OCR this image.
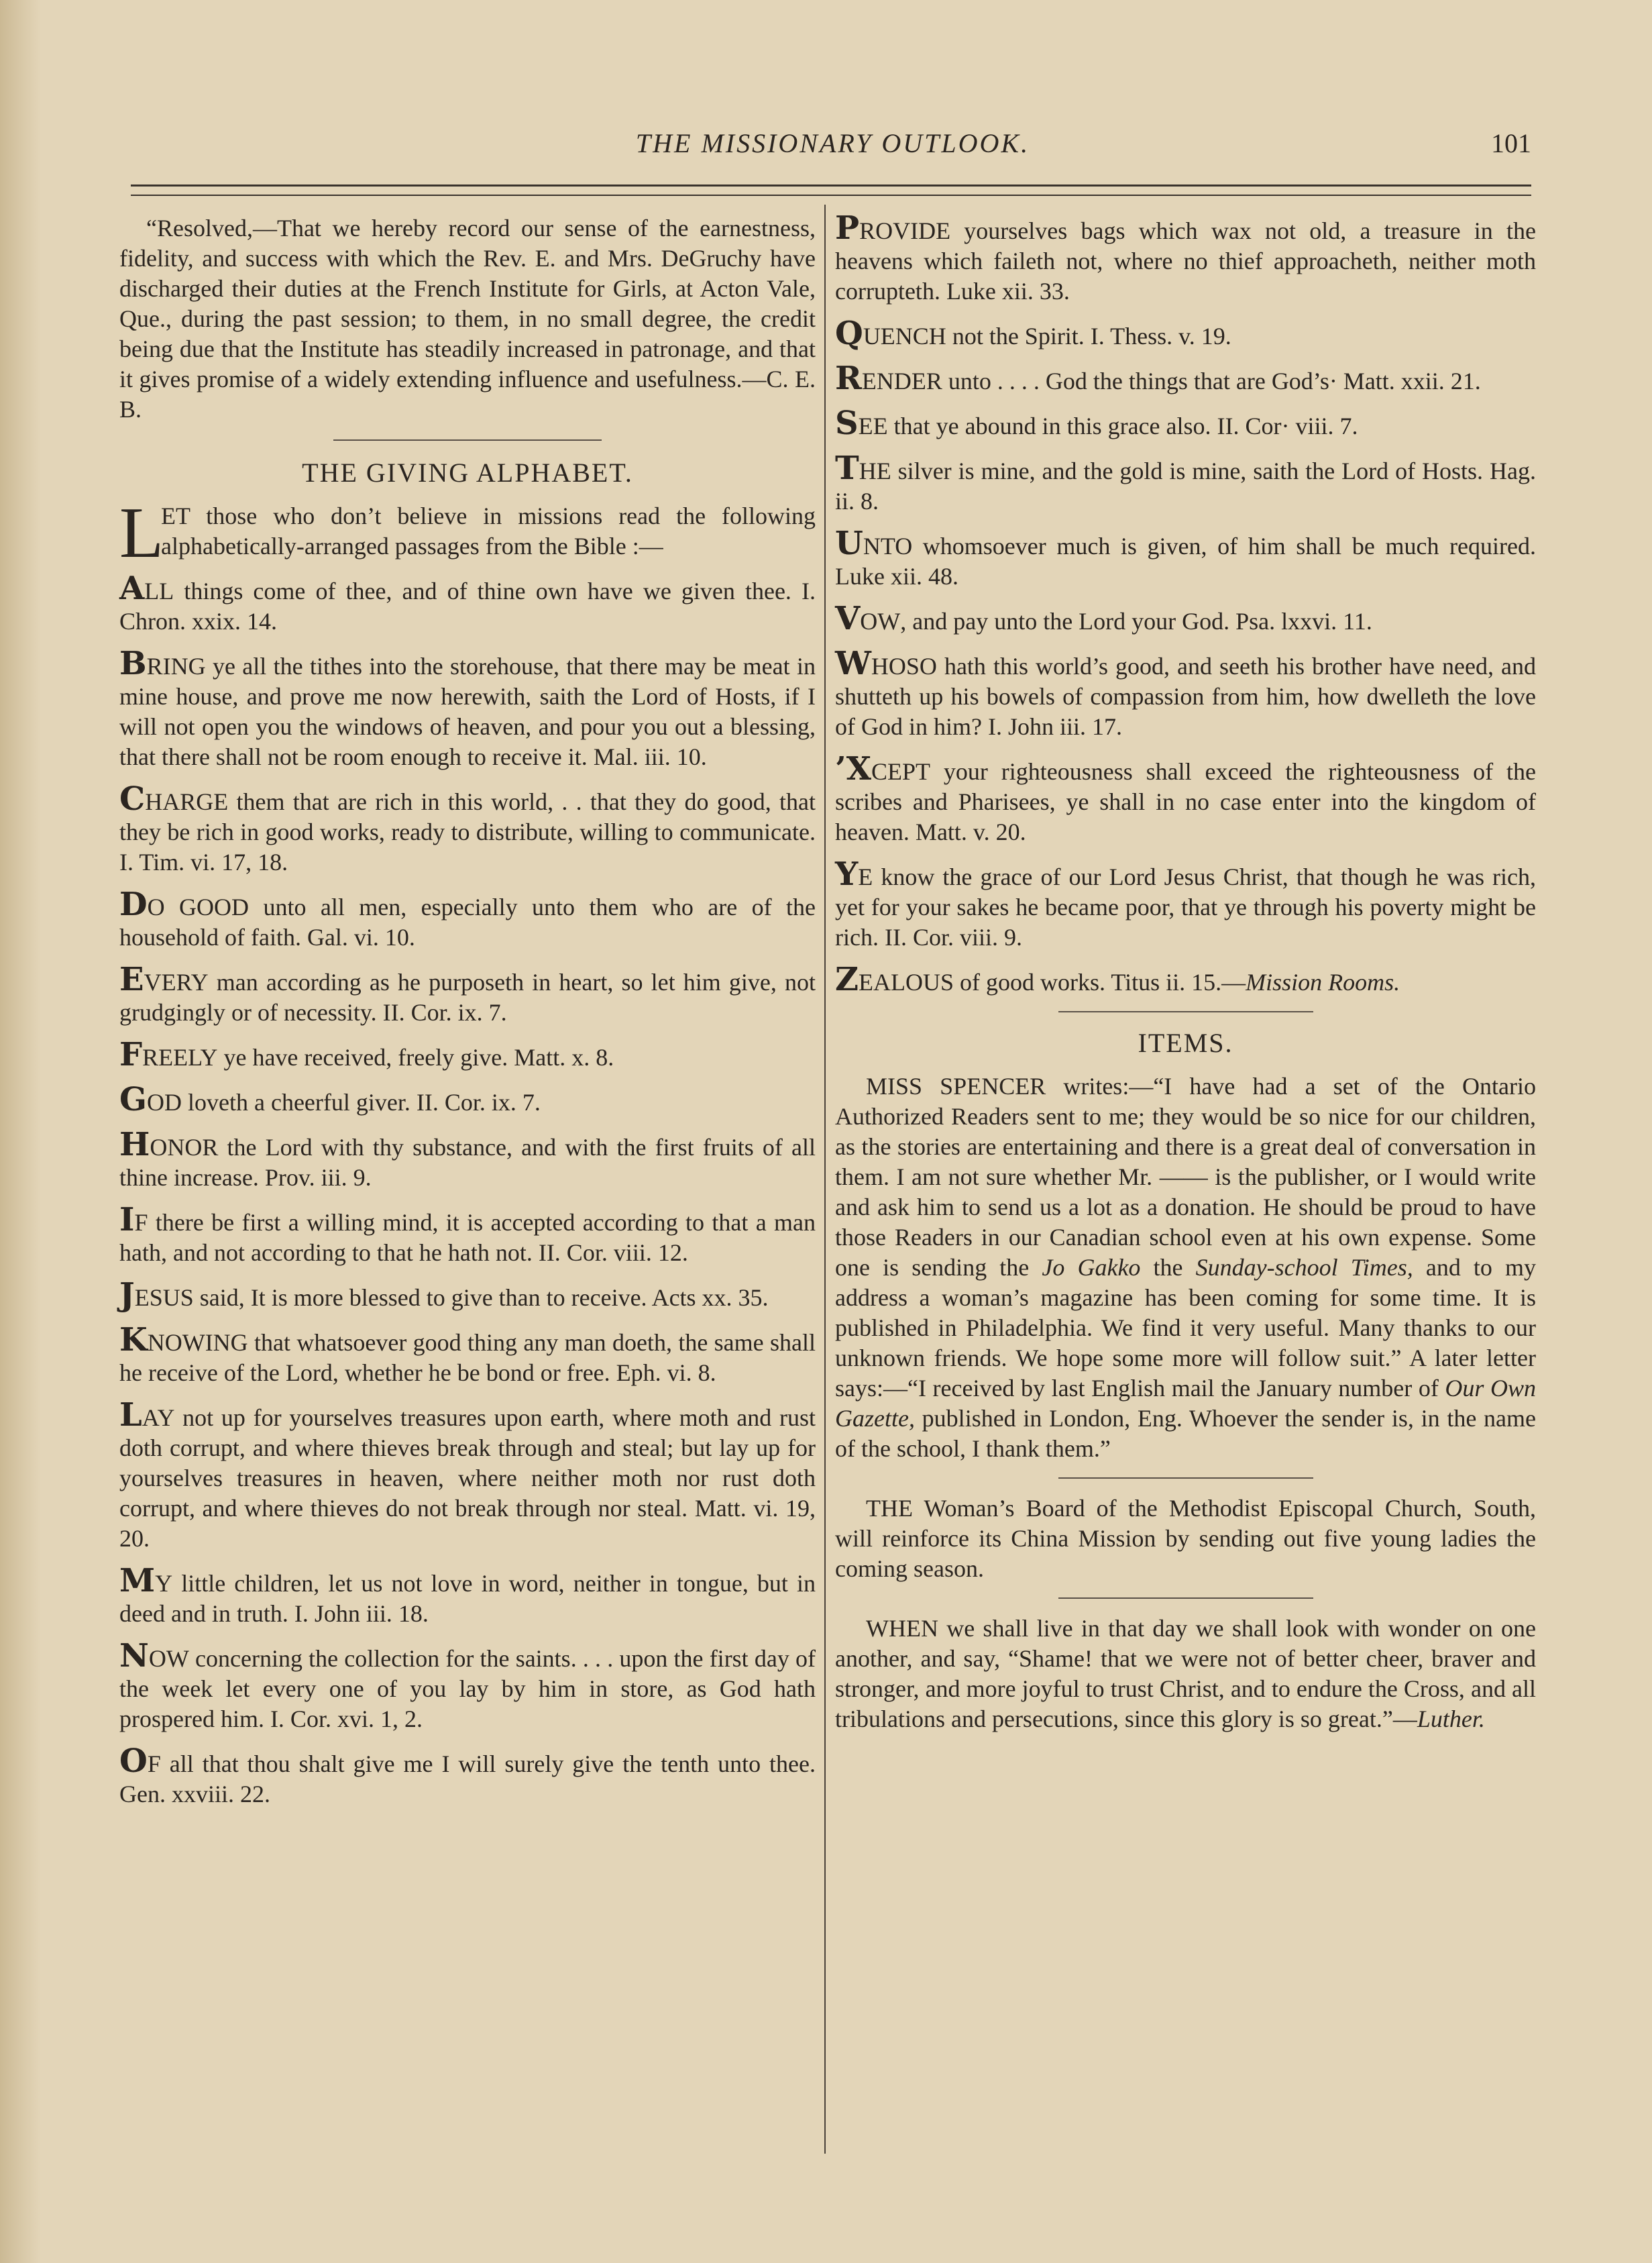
THE MISSIONARY OUTLOOK.	101

“Resolved,—That we hereby record our sense of the earnestness, fidelity, and success with which the Rev. E. and Mrs. DeGruchy have discharged their duties at the French Institute for Girls, at Acton Vale, Que., during the past session; to them, in no small degree, the credit being due that the Institute has steadily increased in patronage, and that it gives promise of a widely extending influence and usefulness.—C. E. B.

THE GIVING ALPHABET.

L
ET those who don’t believe in missions read the following alphabetically-arranged passages from the Bible :—

ALL things come of thee, and of thine own have we given thee. I. Chron. xxix. 14.

BRING ye all the tithes into the storehouse, that there may be meat in mine house, and prove me now herewith, saith the Lord of Hosts, if I will not open you the windows of heaven, and pour you out a blessing, that there shall not be room enough to receive it. Mal. iii. 10.

CHARGE them that are rich in this world, . . that they do good, that they be rich in good works, ready to distribute, willing to communicate. I. Tim. vi. 17, 18.

DO GOOD unto all men, especially unto them who are of the household of faith. Gal. vi. 10.

EVERY man according as he purposeth in heart, so let him give, not grudgingly or of necessity. II. Cor. ix. 7.

FREELY ye have received, freely give. Matt. x. 8.

GOD loveth a cheerful giver. II. Cor. ix. 7.

HONOR the Lord with thy substance, and with the first fruits of all thine increase. Prov. iii. 9.

IF there be first a willing mind, it is accepted according to that a man hath, and not according to that he hath not. II. Cor. viii. 12.

JESUS said, It is more blessed to give than to receive. Acts xx. 35.

KNOWING that whatsoever good thing any man doeth, the same shall he receive of the Lord, whether he be bond or free. Eph. vi. 8.

LAY not up for yourselves treasures upon earth, where moth and rust doth corrupt, and where thieves break through and steal; but lay up for yourselves treasures in heaven, where neither moth nor rust doth corrupt, and where thieves do not break through nor steal. Matt. vi. 19, 20.

MY little children, let us not love in word, neither in tongue, but in deed and in truth. I. John iii. 18.

NOW concerning the collection for the saints. . . . upon the first day of the week let every one of you lay by him in store, as God hath prospered him. I. Cor. xvi. 1, 2.

OF all that thou shalt give me I will surely give the tenth unto thee. Gen. xxviii. 22.

PROVIDE yourselves bags which wax not old, a treasure in the heavens which faileth not, where no thief approacheth, neither moth corrupteth. Luke xii. 33.

QUENCH not the Spirit. I. Thess. v. 19.

RENDER unto . . . . God the things that are God’s· Matt. xxii. 21.

SEE that ye abound in this grace also. II. Cor· viii. 7.

THE silver is mine, and the gold is mine, saith the Lord of Hosts. Hag. ii. 8.

UNTO whomsoever much is given, of him shall be much required. Luke xii. 48.

VOW, and pay unto the Lord your God. Psa. lxxvi. 11.

WHOSO hath this world’s good, and seeth his brother have need, and shutteth up his bowels of compassion from him, how dwelleth the love of God in him? I. John iii. 17.

’XCEPT your righteousness shall exceed the righteousness of the scribes and Pharisees, ye shall in no case enter into the kingdom of heaven. Matt. v. 20.

YE know the grace of our Lord Jesus Christ, that though he was rich, yet for your sakes he became poor, that ye through his poverty might be rich. II. Cor. viii. 9.

ZEALOUS of good works. Titus ii. 15.—Mission Rooms.

ITEMS.

MISS SPENCER writes:—“I have had a set of the Ontario Authorized Readers sent to me; they would be so nice for our children, as the stories are entertaining and there is a great deal of conversation in them. I am not sure whether Mr. —— is the publisher, or I would write and ask him to send us a lot as a donation. He should be proud to have those Readers in our Canadian school even at his own expense. Some one is sending the Jo Gakko the Sunday-school Times, and to my address a woman’s magazine has been coming for some time. It is published in Philadelphia. We find it very useful. Many thanks to our unknown friends. We hope some more will follow suit.” A later letter says:—“I received by last English mail the January number of Our Own Gazette, published in London, Eng. Whoever the sender is, in the name of the school, I thank them.”

THE Woman’s Board of the Methodist Episcopal Church, South, will reinforce its China Mission by sending out five young ladies the coming season.

WHEN we shall live in that day we shall look with wonder on one another, and say, “Shame! that we were not of better cheer, braver and stronger, and more joyful to trust Christ, and to endure the Cross, and all tribulations and persecutions, since this glory is so great.”—Luther.
